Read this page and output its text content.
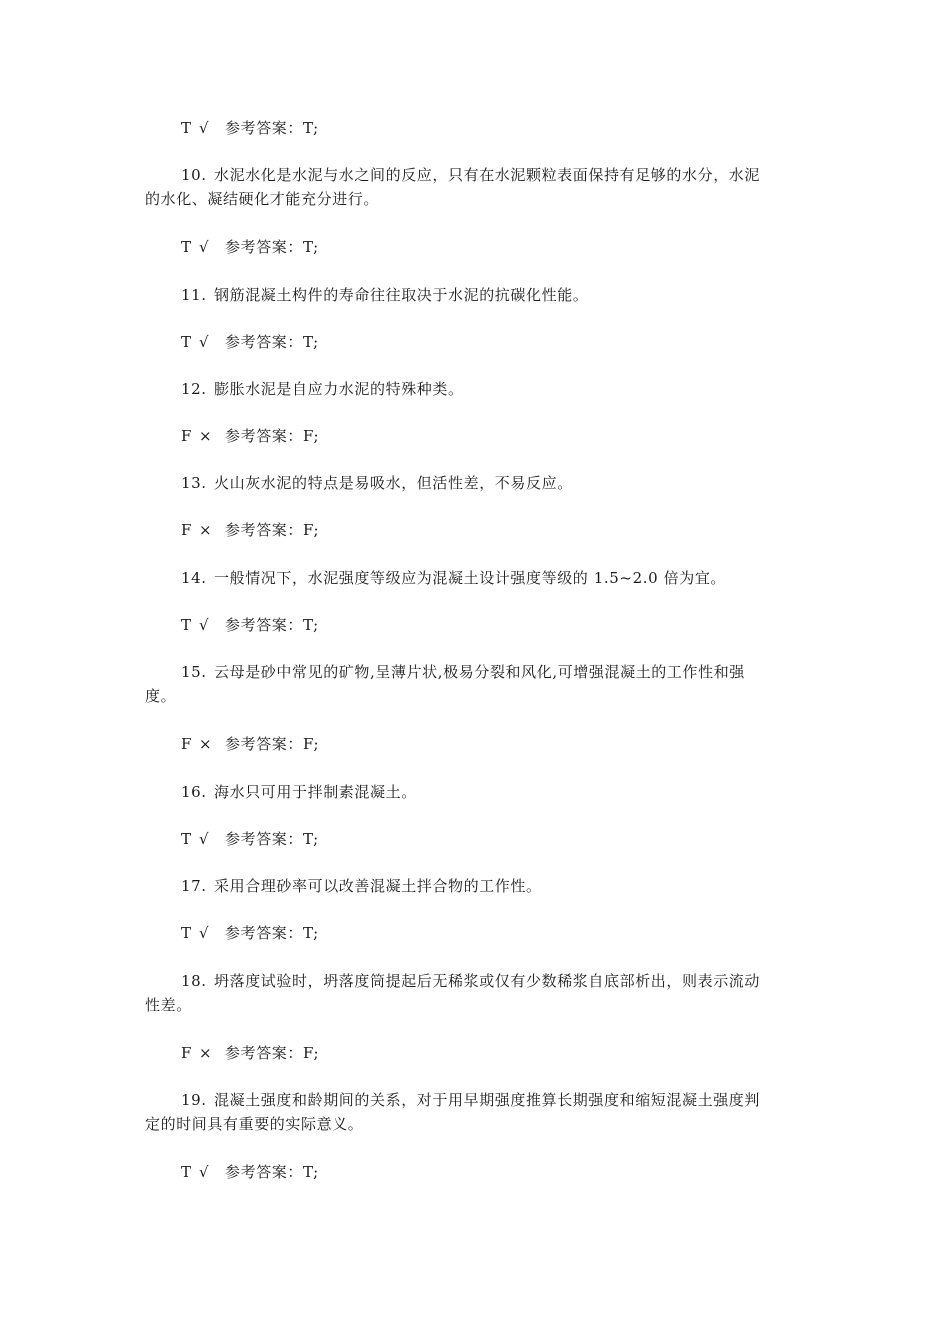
T √ 参考答案：T;
10. 水泥水化是水泥与水之间的反应，只有在水泥颗粒表面保持有足够的水分，水泥
的水化、凝结硬化才能充分进行。
T √ 参考答案：T;
11. 钢筋混凝土构件的寿命往往取决于水泥的抗碳化性能。
T √ 参考答案：T;
12. 膨胀水泥是自应力水泥的特殊种类。
F × 参考答案：F;
13. 火山灰水泥的特点是易吸水，但活性差，不易反应。
F × 参考答案：F;
14. 一般情况下，水泥强度等级应为混凝土设计强度等级的 1.5~2.0 倍为宜。
T √ 参考答案：T;
15. 云母是砂中常见的矿物,呈薄片状,极易分裂和风化,可增强混凝土的工作性和强
度。
F × 参考答案：F;
16. 海水只可用于拌制素混凝土。
T √ 参考答案：T;
17. 采用合理砂率可以改善混凝土拌合物的工作性。
T √ 参考答案：T;
18. 坍落度试验时，坍落度筒提起后无稀浆或仅有少数稀浆自底部析出，则表示流动
性差。
F × 参考答案：F;
19. 混凝土强度和龄期间的关系，对于用早期强度推算长期强度和缩短混凝土强度判
定的时间具有重要的实际意义。
T √ 参考答案：T;
